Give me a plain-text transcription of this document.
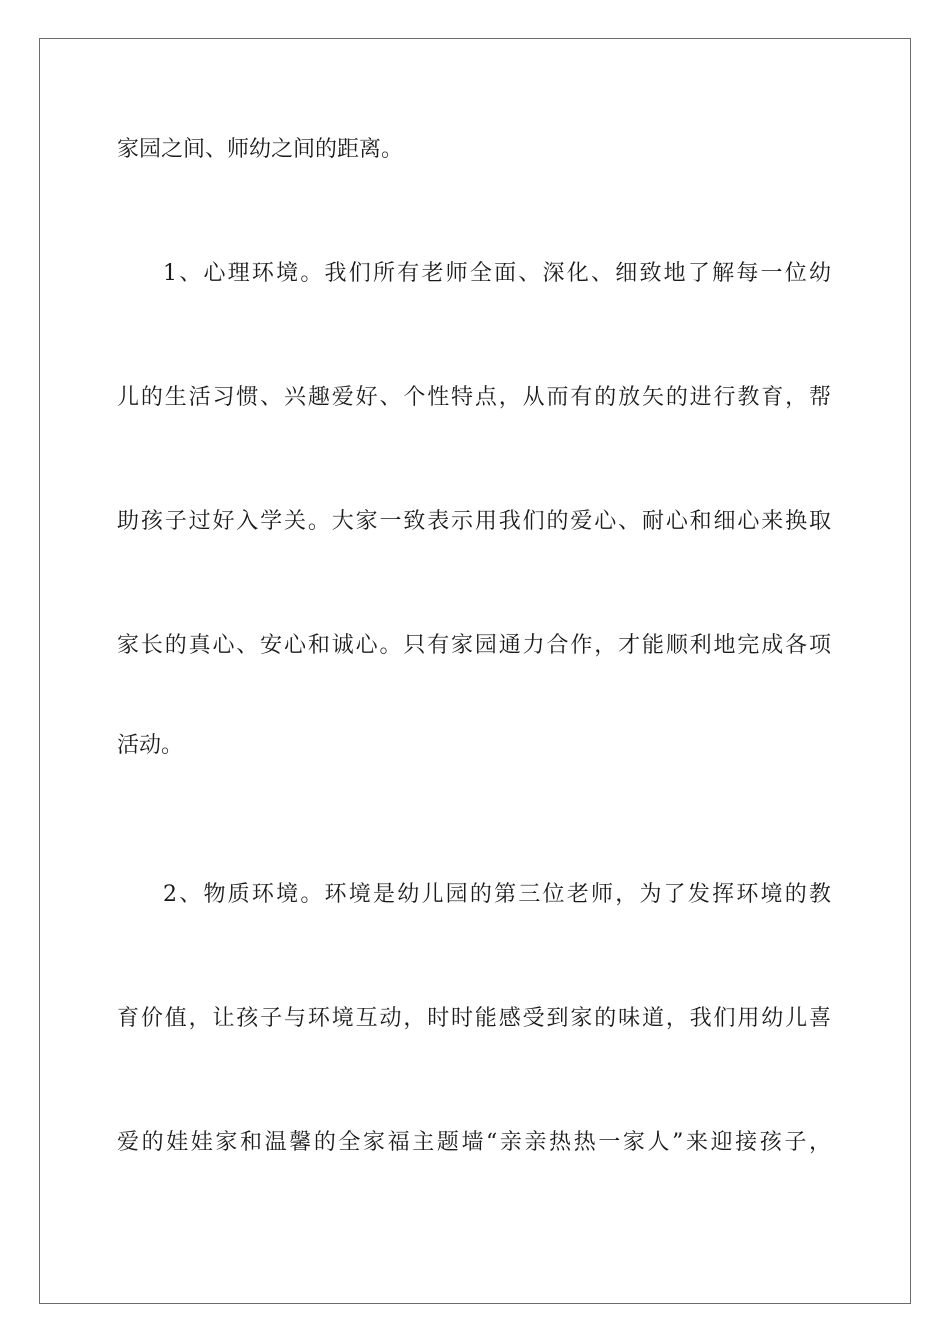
家园之间、师幼之间的距离。
1、心理环境。我们所有老师全面、深化、细致地了解每一位幼
儿的生活习惯、兴趣爱好、个性特点，从而有的放矢的进行教育，帮
助孩子过好入学关。大家一致表示用我们的爱心、耐心和细心来换取
家长的真心、安心和诚心。只有家园通力合作，才能顺利地完成各项
活动。
2、物质环境。环境是幼儿园的第三位老师，为了发挥环境的教
育价值，让孩子与环境互动，时时能感受到家的味道，我们用幼儿喜
爱的娃娃家和温馨的全家福主题墙“亲亲热热一家人”来迎接孩子，
